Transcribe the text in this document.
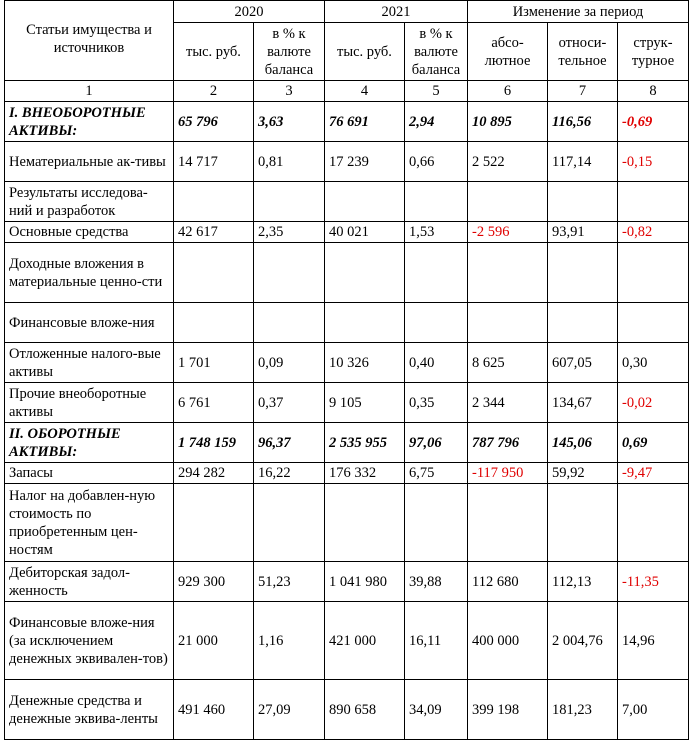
Статьи имущества и источников	2020		2021		Изменение за период		
	тыс. руб.	в % к валюте баланса	тыс. руб.	в % к валюте баланса	абсо-лютное	относи-тельное	струк-турное
1	2	3	4	5	6	7	8
I. ВНЕОБОРОТНЫЕ АКТИВЫ:	65 796	3,63	76 691	2,94	10 895	116,56	-0,69
Нематериальные ак-тивы	14 717	0,81	17 239	0,66	2 522	117,14	-0,15
Результаты исследова-ний и разработок							
Основные средства	42 617	2,35	40 021	1,53	-2 596	93,91	-0,82
Доходные вложения в материальные ценно-сти							
Финансовые вложе-ния							
Отложенные налого-вые активы	1 701	0,09	10 326	0,40	8 625	607,05	0,30
Прочие внеоборотные активы	6 761	0,37	9 105	0,35	2 344	134,67	-0,02
II. ОБОРОТНЫЕ АКТИВЫ:	1 748 159	96,37	2 535 955	97,06	787 796	145,06	0,69
Запасы	294 282	16,22	176 332	6,75	-117 950	59,92	-9,47
Налог на добавлен-ную стоимость по приобретенным цен-ностям							
Дебиторская задол-женность	929 300	51,23	1 041 980	39,88	112 680	112,13	-11,35
Финансовые вложе-ния (за исключением денежных эквивален-тов)	21 000	1,16	421 000	16,11	400 000	2 004,76	14,96
Денежные средства и денежные эквива-ленты	491 460	27,09	890 658	34,09	399 198	181,23	7,00
